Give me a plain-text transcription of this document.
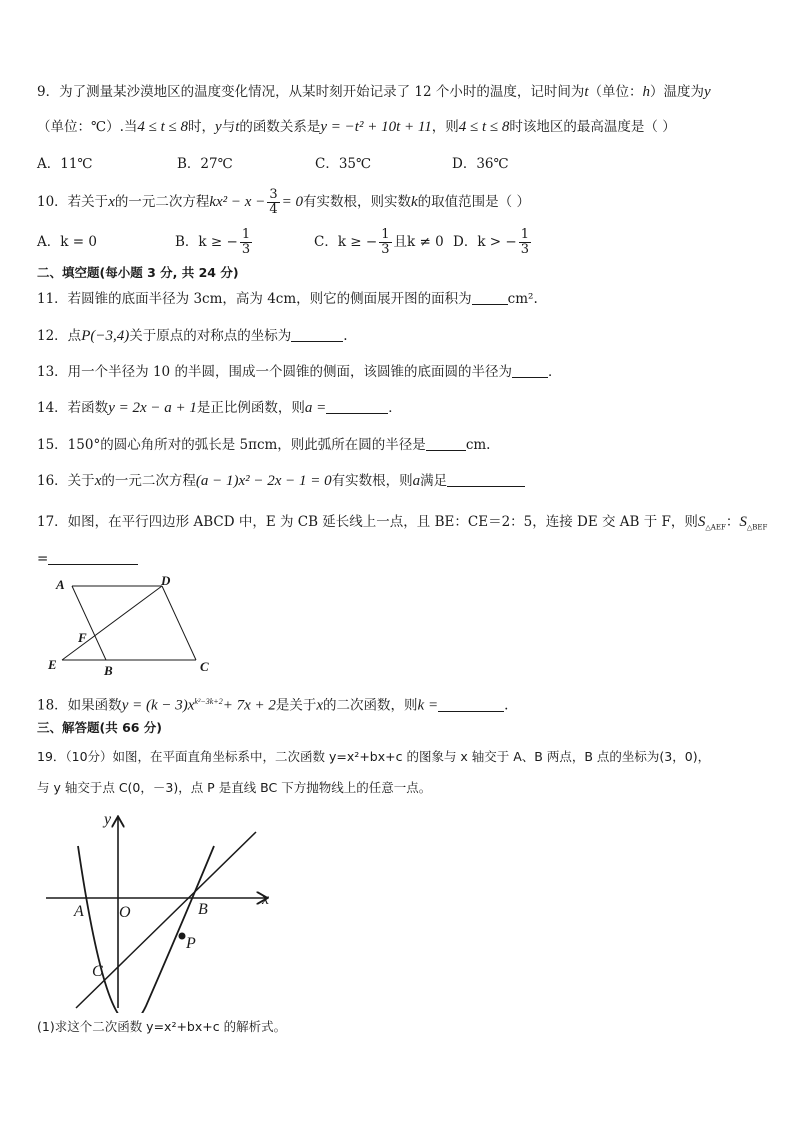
9．为了测量某沙漠地区的温度变化情况，从某时刻开始记录了 12 个小时的温度，记时间为t（单位：h）温度为y
（单位：℃）.当4 ≤ t ≤ 8时，y与t的函数关系是y = −t² + 10t + 11，则4 ≤ t ≤ 8时该地区的最高温度是（ ）
A．11℃	B．27℃	C．35℃	D．36℃
10．若关于x的一元二次方程$kx^2 - x - \frac{3}{4} = 0$有实数根，则实数k的取值范围是（ ）
A．k = 0	B．k ≥ − $\frac{1}{3}$	C．k ≥ − $\frac{1}{3}$ 且k ≠ 0 D．k > − $\frac{1}{3}$
二、填空题(每小题 3 分, 共 24 分)
11．若圆锥的底面半径为 3cm，高为 4cm，则它的侧面展开图的面积为	cm².
12．点P(−3,4)关于原点的对称点的坐标为	.
13．用一个半径为 10 的半圆，围成一个圆锥的侧面，该圆锥的底面圆的半径为	．
14．若函数y = 2x − a + 1是正比例函数，则a =	．
15．150°的圆心角所对的弧长是 5πcm，则此弧所在圆的半径是	cm.
16．关于x的一元二次方程(a − 1)x² − 2x − 1 = 0有实数根，则a满足
17．如图，在平行四边形 ABCD 中，E 为 CB 延长线上一点，且 BE：CE＝2：5，连接 DE 交 AB 于 F，则$S_{\triangle AEF}$：$S_{\triangle BEF}$
=
A	D
F
E	B	C
18．如果函数$y = (k - 3)x^{k^2-3k+2}+ 7x + 2$是关于x的二次函数，则k =	.
三、解答题(共 66 分)
19．（10分）如图，在平面直角坐标系中，二次函数 y=x²+bx+c 的图象与 x 轴交于 A、B 两点，B 点的坐标为(3，0)，
与 y 轴交于点 C(0，－3)，点 P 是直线 BC 下方抛物线上的任意一点。
y
x
A O	B
P
C
(1)求这个二次函数 y=x²+bx+c 的解析式。
